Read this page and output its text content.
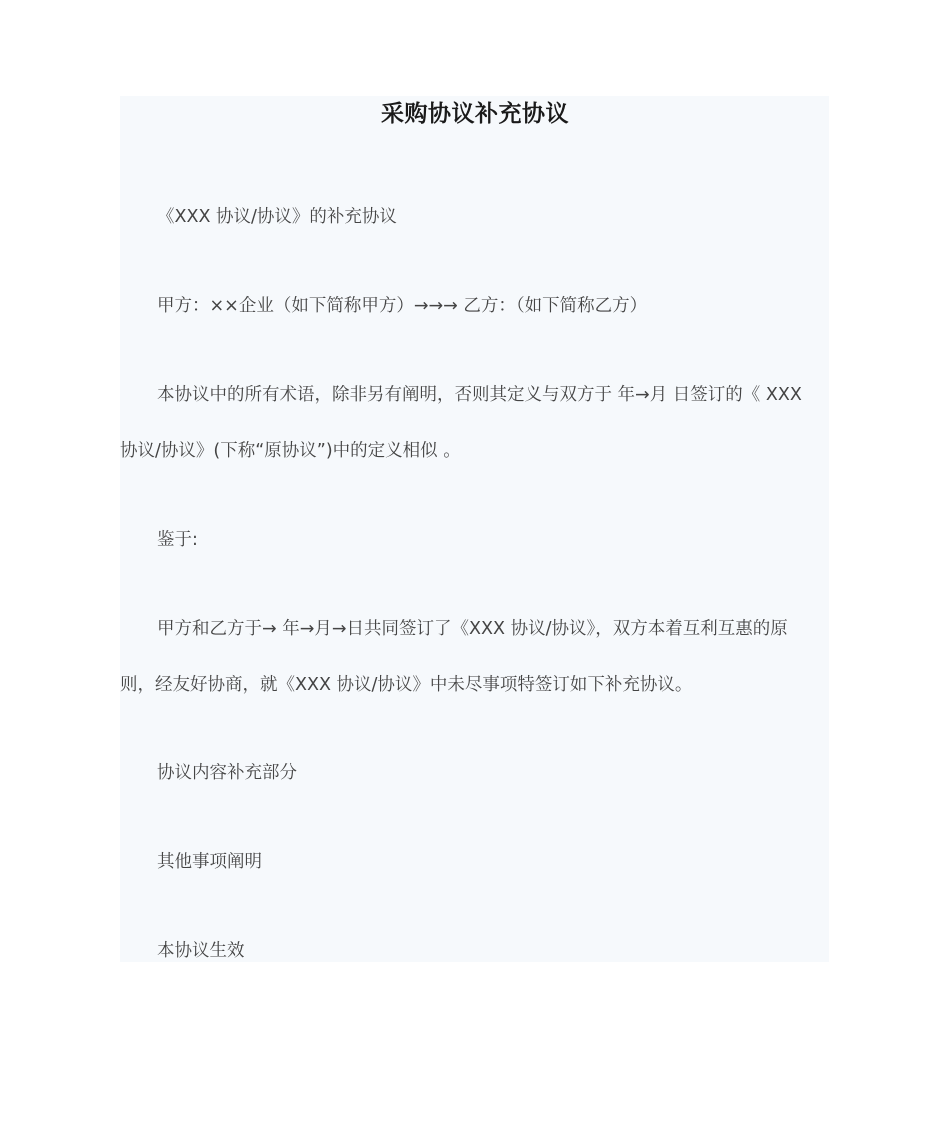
采购协议补充协议
《XXX 协议/协议》的补充协议
甲方：××企业（如下简称甲方）→→→ 乙方：（如下简称乙方）
本协议中的所有术语，除非另有阐明，否则其定义与双方于 年→月 日签订的《 XXX
协议/协议》(下称“原协议”)中的定义相似 。
鉴于:
甲方和乙方于→ 年→月→日共同签订了《XXX 协议/协议》，双方本着互利互惠的原
则，经友好协商，就《XXX 协议/协议》中未尽事项特签订如下补充协议。
协议内容补充部分
其他事项阐明
本协议生效
